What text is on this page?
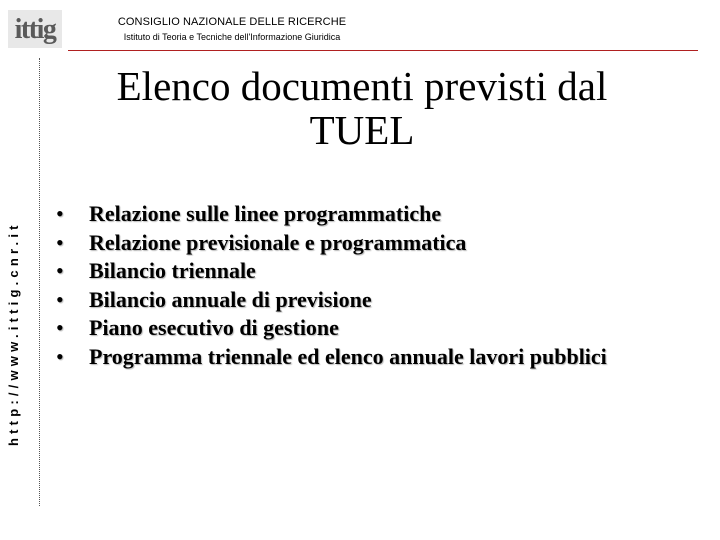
ittig	CONSIGLIO NAZIONALE DELLE RICERCHE
Istituto di Teoria e Tecniche dell'Informazione Giuridica
http://www.ittig.cnr.it
Elenco documenti previsti dal TUEL
• Relazione sulle linee programmatiche
• Relazione previsionale e programmatica
• Bilancio triennale
• Bilancio annuale di previsione
• Piano esecutivo di gestione
• Programma triennale ed elenco annuale lavori pubblici
